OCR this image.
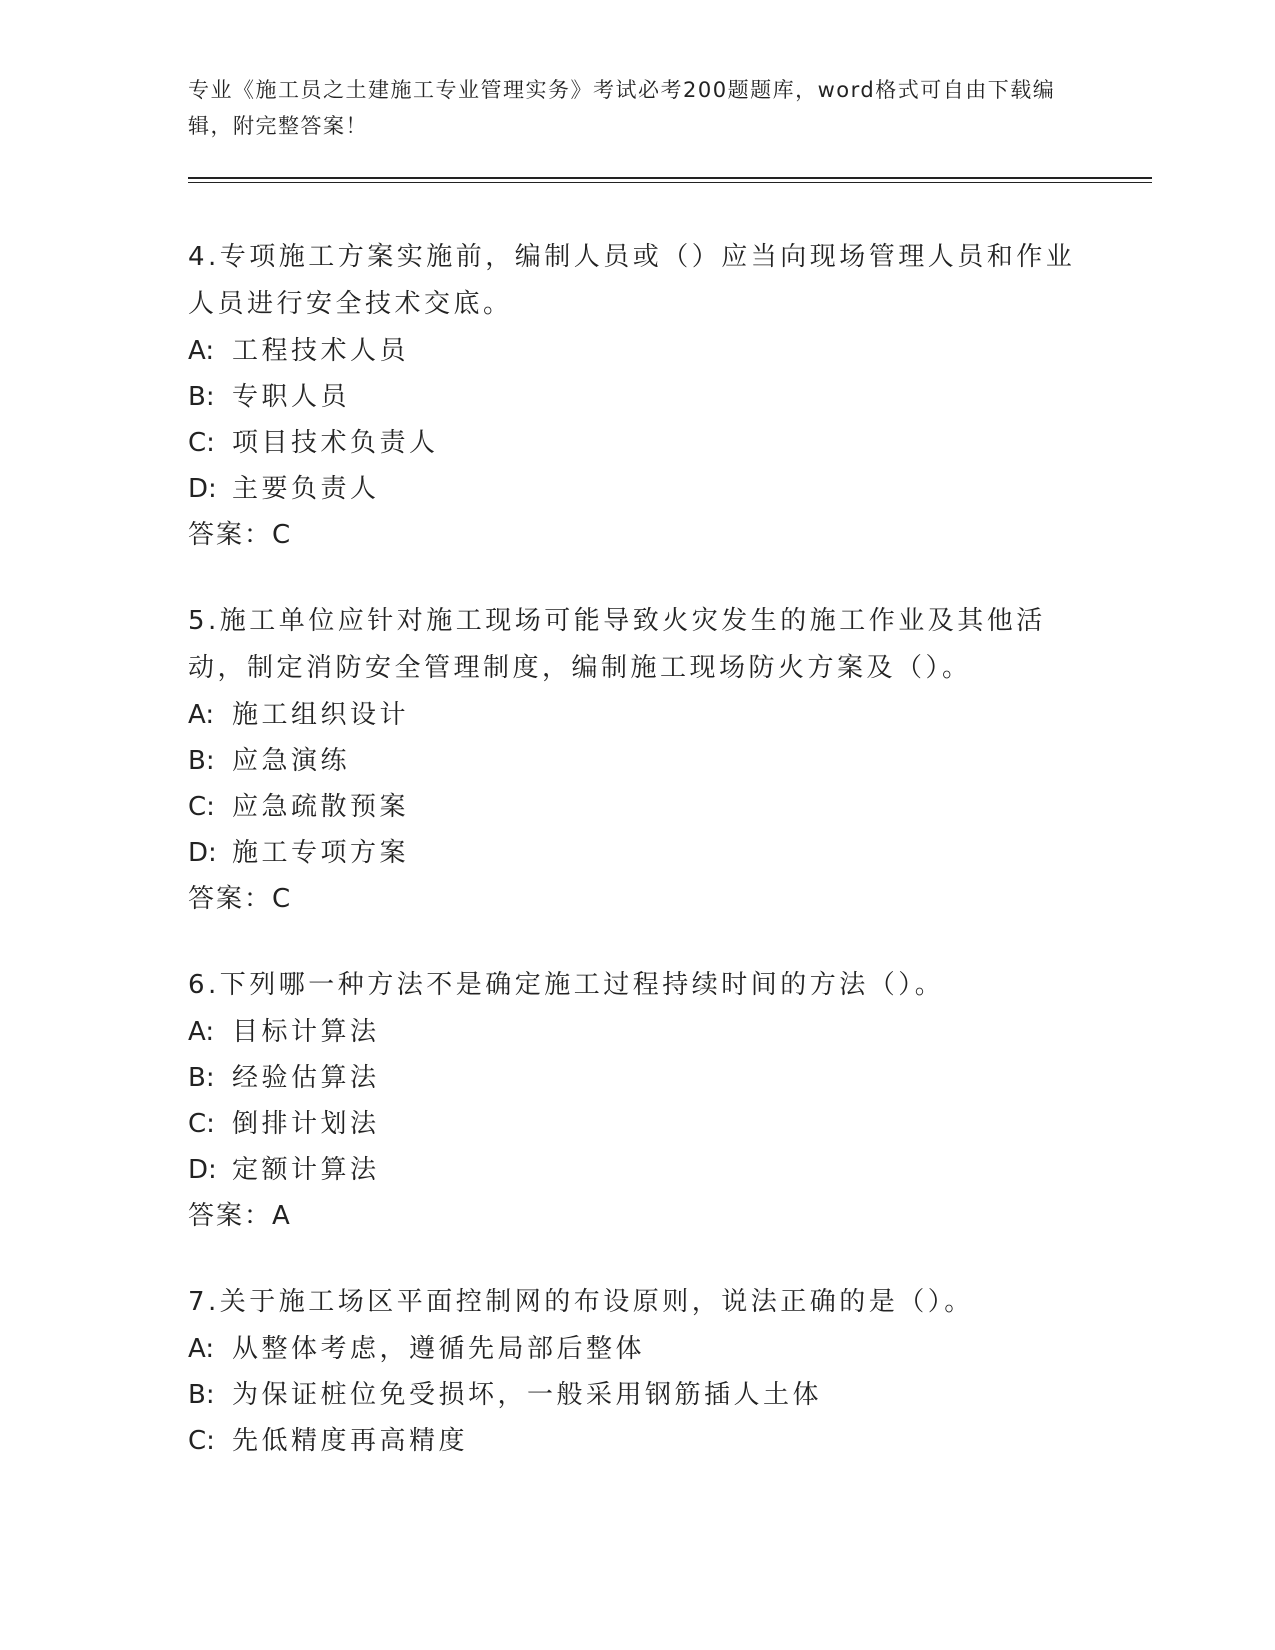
专业《施工员之土建施工专业管理实务》考试必考200题题库，word格式可自由下载编辑，附完整答案！
4.专项施工方案实施前，编制人员或（）应当向现场管理人员和作业人员进行安全技术交底。
A: 工程技术人员
B: 专职人员
C: 项目技术负责人
D: 主要负责人
答案：C
5.施工单位应针对施工现场可能导致火灾发生的施工作业及其他活动，制定消防安全管理制度，编制施工现场防火方案及（）。
A: 施工组织设计
B: 应急演练
C: 应急疏散预案
D: 施工专项方案
答案：C
6.下列哪一种方法不是确定施工过程持续时间的方法（）。
A: 目标计算法
B: 经验估算法
C: 倒排计划法
D: 定额计算法
答案：A
7.关于施工场区平面控制网的布设原则，说法正确的是（）。
A: 从整体考虑，遵循先局部后整体
B: 为保证桩位免受损坏，一般采用钢筋插人土体
C: 先低精度再高精度
